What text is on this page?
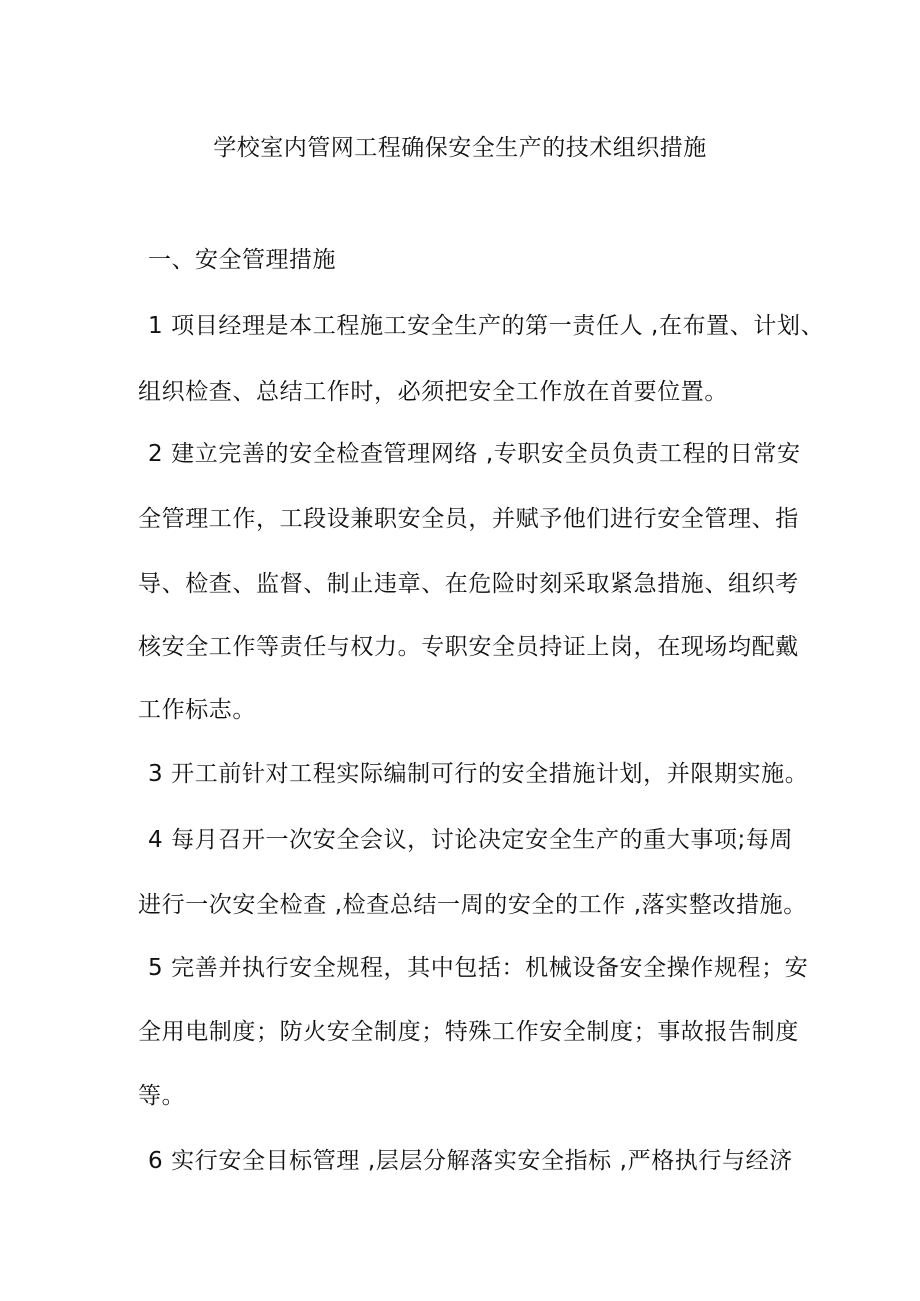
学校室内管网工程确保安全生产的技术组织措施
一、安全管理措施
1 项目经理是本工程施工安全生产的第一责任人 ,在布置、计划、
组织检查、总结工作时，必须把安全工作放在首要位置。
2 建立完善的安全检查管理网络 ,专职安全员负责工程的日常安
全管理工作，工段设兼职安全员，并赋予他们进行安全管理、指
导、检查、监督、制止违章、在危险时刻采取紧急措施、组织考
核安全工作等责任与权力。专职安全员持证上岗，在现场均配戴
工作标志。
3 开工前针对工程实际编制可行的安全措施计划，并限期实施。
4 每月召开一次安全会议，讨论决定安全生产的重大事项;每周
进行一次安全检查 ,检查总结一周的安全的工作 ,落实整改措施。
5 完善并执行安全规程，其中包括：机械设备安全操作规程；安
全用电制度；防火安全制度；特殊工作安全制度；事故报告制度
等。
6 实行安全目标管理 ,层层分解落实安全指标 ,严格执行与经济
